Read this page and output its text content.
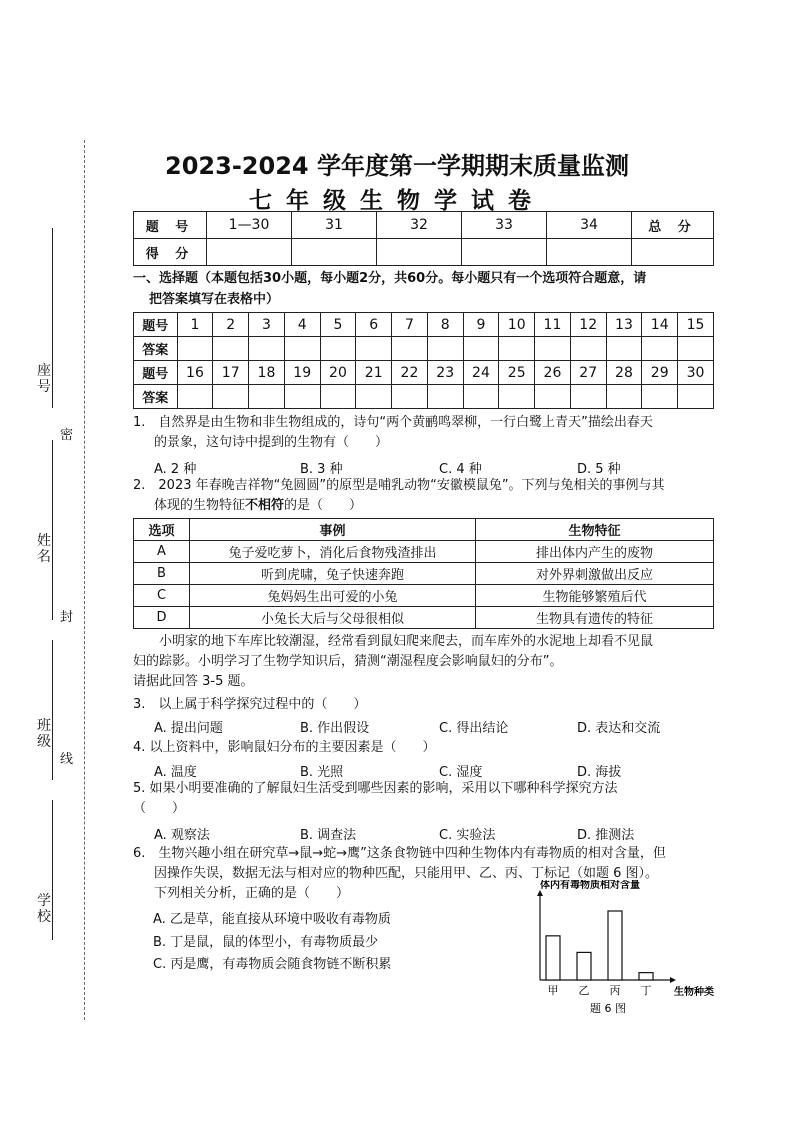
座号
姓名
班级
学校
密
封
线
2023-2024 学年度第一学期期末质量监测
七年级生物学试卷
题 号	1—30	31	32	33	34	总 分
得 分						
一、选择题（本题包括30小题，每小题2分，共60分。每小题只有一个选项符合题意，请
把答案填写在表格中）
题号	1	2	3	4	5	6	7	8	9	10	11	12	13	14	15
答案															
题号	16	17	18	19	20	21	22	23	24	25	26	27	28	29	30
答案															
1.　自然界是由生物和非生物组成的，诗句“两个黄鹂鸣翠柳，一行白鹭上青天”描绘出春天
的景象，这句诗中提到的生物有（　　）
A. 2 种	B. 3 种	C. 4 种	D. 5 种
2.　2023 年春晚吉祥物“兔圆圆”的原型是哺乳动物“安徽模鼠兔”。下列与兔相关的事例与其
体现的生物特征不相符的是（　　）
选项	事例	生物特征
A	兔子爱吃萝卜，消化后食物残渣排出	排出体内产生的废物
B	听到虎啸，兔子快速奔跑	对外界刺激做出反应
C	兔妈妈生出可爱的小兔	生物能够繁殖后代
D	小兔长大后与父母很相似	生物具有遗传的特征
小明家的地下车库比较潮湿，经常看到鼠妇爬来爬去，而车库外的水泥地上却看不见鼠
妇的踪影。小明学习了生物学知识后，猜测“潮湿程度会影响鼠妇的分布”。
请据此回答 3-5 题。
3.　以上属于科学探究过程中的（　　）
A. 提出问题	B. 作出假设	C. 得出结论	D. 表达和交流
4. 以上资料中，影响鼠妇分布的主要因素是（　　）
A. 温度	B. 光照	C. 湿度	D. 海拔
5. 如果小明要准确的了解鼠妇生活受到哪些因素的影响，采用以下哪种科学探究方法
（　　）
A. 观察法	B. 调查法	C. 实验法	D. 推测法
6.　生物兴趣小组在研究草→鼠→蛇→鹰”这条食物链中四种生物体内有毒物质的相对含量，但
因操作失误，数据无法与相对应的物种匹配，只能用甲、乙、丙、丁标记（如题 6 图）。
下列相关分析，正确的是（　　）
A. 乙是草，能直接从环境中吸收有毒物质
B. 丁是鼠，鼠的体型小，有毒物质最少
C. 丙是鹰，有毒物质会随食物链不断积累
体内有毒物质相对含量
生物种类
甲 乙 丙 丁
题 6 图
